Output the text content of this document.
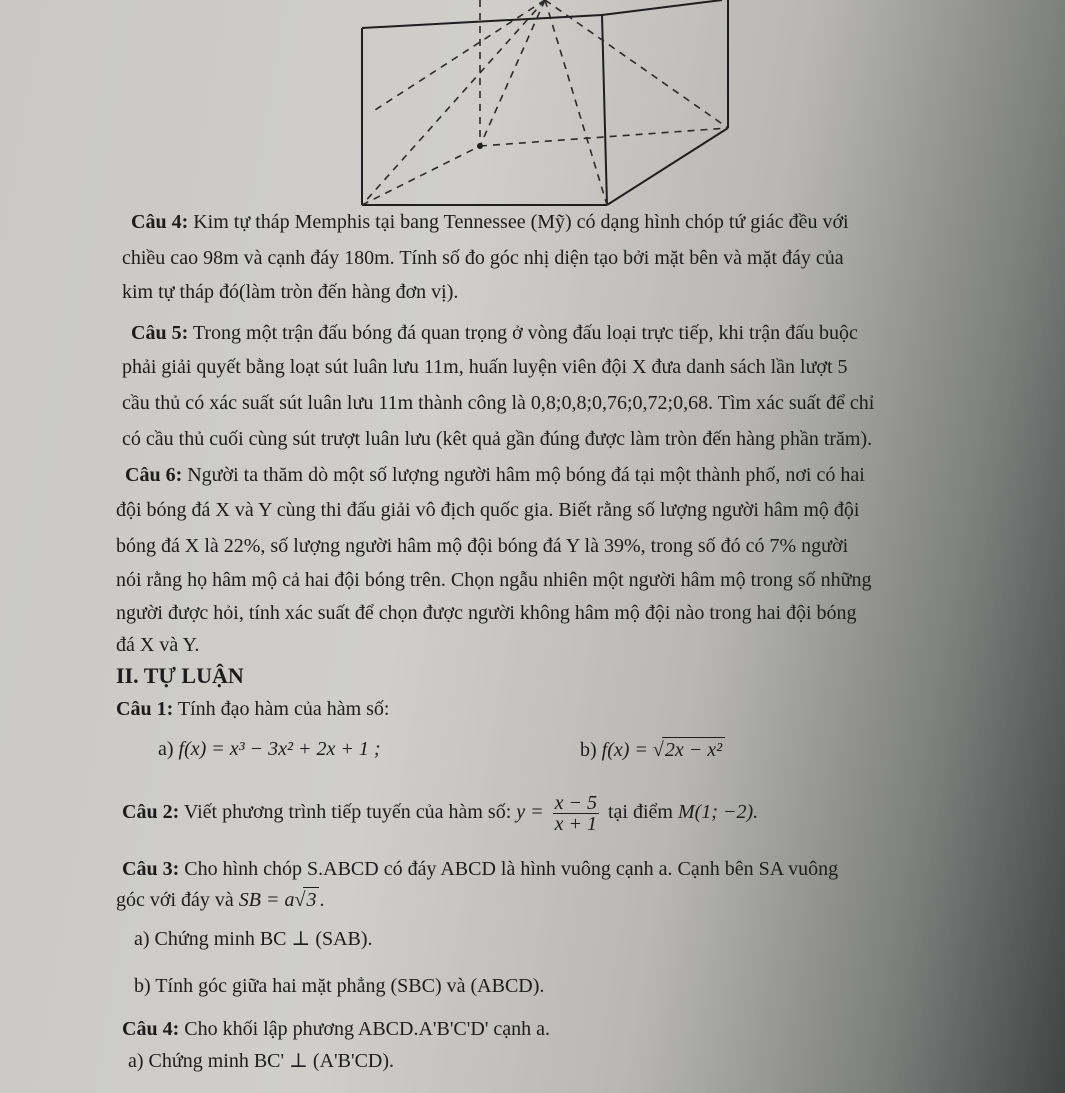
Câu 4: Kim tự tháp Memphis tại bang Tennessee (Mỹ) có dạng hình chóp tứ giác đều với
chiều cao 98m và cạnh đáy 180m. Tính số đo góc nhị diện tạo bởi mặt bên và mặt đáy của
kim tự tháp đó(làm tròn đến hàng đơn vị).
Câu 5: Trong một trận đấu bóng đá quan trọng ở vòng đấu loại trực tiếp, khi trận đấu buộc
phải giải quyết bằng loạt sút luân lưu 11m, huấn luyện viên đội X đưa danh sách lần lượt 5
cầu thủ có xác suất sút luân lưu 11m thành công là 0,8;0,8;0,76;0,72;0,68. Tìm xác suất để chỉ
có cầu thủ cuối cùng sút trượt luân lưu (kêt quả gần đúng được làm tròn đến hàng phần trăm).
Câu 6: Người ta thăm dò một số lượng người hâm mộ bóng đá tại một thành phố, nơi có hai
đội bóng đá X và Y cùng thi đấu giải vô địch quốc gia. Biết rằng số lượng người hâm mộ đội
bóng đá X là 22%, số lượng người hâm mộ đội bóng đá Y là 39%, trong số đó có 7% người
nói rằng họ hâm mộ cả hai đội bóng trên. Chọn ngẫu nhiên một người hâm mộ trong số những
người được hỏi, tính xác suất để chọn được người không hâm mộ đội nào trong hai đội bóng
đá X và Y.
II. TỰ LUẬN
Câu 1: Tính đạo hàm của hàm số:
a) f(x) = x³ − 3x² + 2x + 1 ;	b) f(x) = √2x − x²
Câu 2: Viết phương trình tiếp tuyến của hàm số: $y = \frac{x - 5}{x + 1}$ tại điểm M(1; −2).
Câu 3: Cho hình chóp S.ABCD có đáy ABCD là hình vuông cạnh a. Cạnh bên SA vuông
góc với đáy và SB = a√3 .
a) Chứng minh BC ⊥ (SAB).
b) Tính góc giữa hai mặt phẳng (SBC) và (ABCD).
Câu 4: Cho khối lập phương ABCD.A'B'C'D' cạnh a.
a) Chứng minh BC' ⊥ (A'B'CD).
